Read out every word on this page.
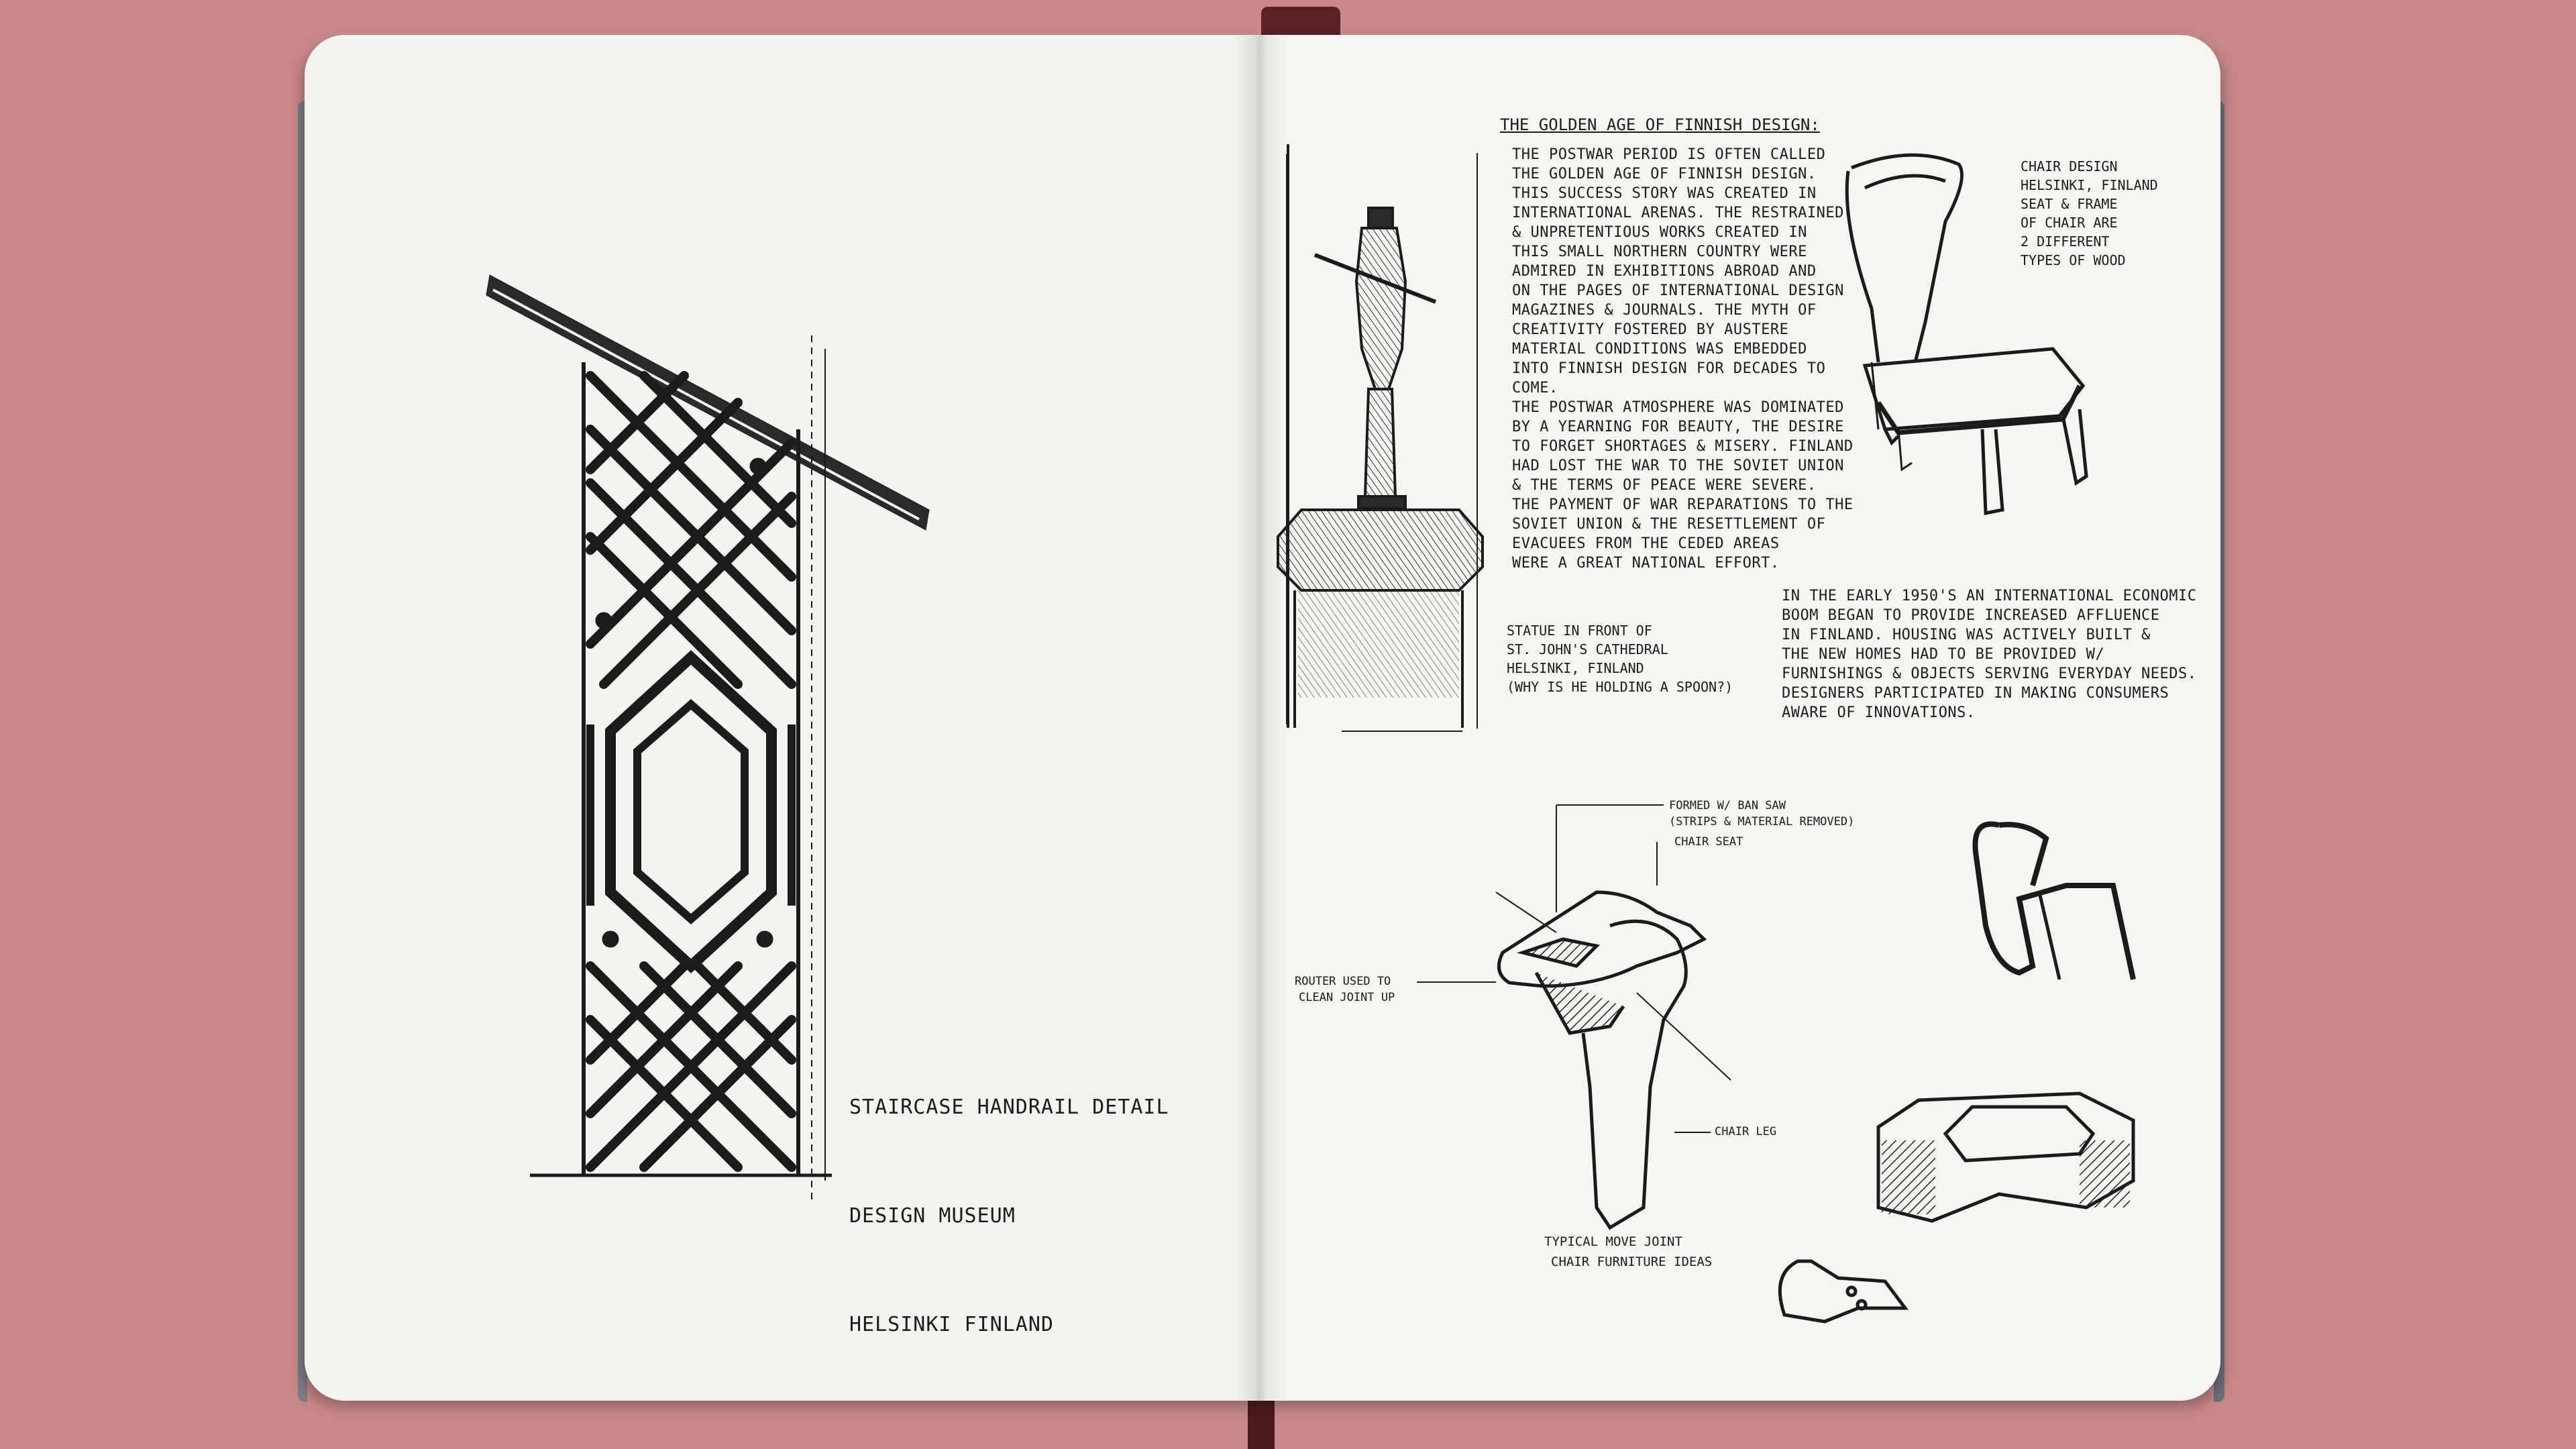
STAIRCASE HANDRAIL DETAIL

DESIGN MUSEUM

HELSINKI FINLAND

THE GOLDEN AGE OF FINNISH DESIGN:
THE POSTWAR PERIOD IS OFTEN CALLED
THE GOLDEN AGE OF FINNISH DESIGN.
THIS SUCCESS STORY WAS CREATED IN
INTERNATIONAL ARENAS. THE RESTRAINED
& UNPRETENTIOUS WORKS CREATED IN
THIS SMALL NORTHERN COUNTRY WERE
ADMIRED IN EXHIBITIONS ABROAD AND
ON THE PAGES OF INTERNATIONAL DESIGN
MAGAZINES & JOURNALS. THE MYTH OF
CREATIVITY FOSTERED BY AUSTERE
MATERIAL CONDITIONS WAS EMBEDDED
INTO FINNISH DESIGN FOR DECADES TO
COME.
THE POSTWAR ATMOSPHERE WAS DOMINATED
BY A YEARNING FOR BEAUTY, THE DESIRE
TO FORGET SHORTAGES & MISERY. FINLAND
HAD LOST THE WAR TO THE SOVIET UNION
& THE TERMS OF PEACE WERE SEVERE.
THE PAYMENT OF WAR REPARATIONS TO THE
SOVIET UNION & THE RESETTLEMENT OF
EVACUEES FROM THE CEDED AREAS
WERE A GREAT NATIONAL EFFORT.
CHAIR DESIGN
HELSINKI, FINLAND
SEAT & FRAME
OF CHAIR ARE
2 DIFFERENT
TYPES OF WOOD
STATUE IN FRONT OF
ST. JOHN'S CATHEDRAL
HELSINKI, FINLAND
(WHY IS HE HOLDING A SPOON?)
IN THE EARLY 1950'S AN INTERNATIONAL ECONOMIC
BOOM BEGAN TO PROVIDE INCREASED AFFLUENCE
IN FINLAND. HOUSING WAS ACTIVELY BUILT &
THE NEW HOMES HAD TO BE PROVIDED W/
FURNISHINGS & OBJECTS SERVING EVERYDAY NEEDS.
DESIGNERS PARTICIPATED IN MAKING CONSUMERS
AWARE OF INNOVATIONS.
FORMED W/ BAN SAW
(STRIPS & MATERIAL REMOVED)
CHAIR SEAT
ROUTER USED TO
CLEAN JOINT UP
CHAIR LEG
TYPICAL MOVE JOINT
CHAIR FURNITURE IDEAS
